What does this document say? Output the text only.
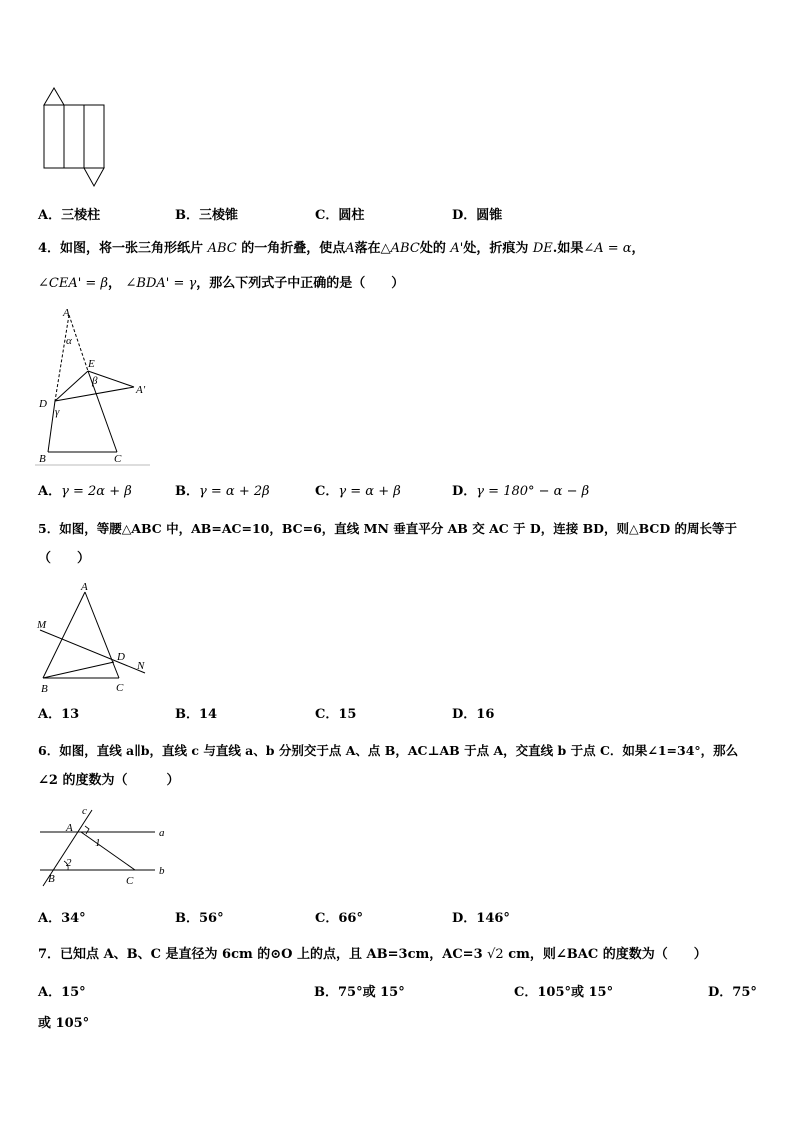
A．三棱柱	B．三棱锥	C．圆柱	D．圆锥
4．如图，将一张三角形纸片 ABC 的一角折叠，使点A落在△ABC处的 A'处，折痕为 DE.如果∠A = α，
∠CEA' = β， ∠BDA' = γ，那么下列式子中正确的是（　　）
A
α
E
β
A′
D
γ
B	C
A．γ = 2α + β	B．γ = α + 2β	C．γ = α + β	D．γ = 180° − α − β
5．如图，等腰△ABC 中，AB=AC=10，BC=6，直线 MN 垂直平分 AB 交 AC 于 D，连接 BD，则△BCD 的周长等于
（　　）
A
M
D
N
B	C
A．13	B．14	C．15	D．16
6．如图，直线 a∥b，直线 c 与直线 a、b 分别交于点 A、点 B，AC⊥AB 于点 A，交直线 b 于点 C．如果∠1=34°，那么
∠2 的度数为（　　　）
c
A
1
a
2
B	C
b
A．34°	B．56°	C．66°	D．146°
7．已知点 A、B、C 是直径为 6cm 的⊙O 上的点，且 AB=3cm，AC=3 √2 cm，则∠BAC 的度数为（　　）
A．15°	B．75°或 15°	C．105°或 15°	D．75°
或 105°
